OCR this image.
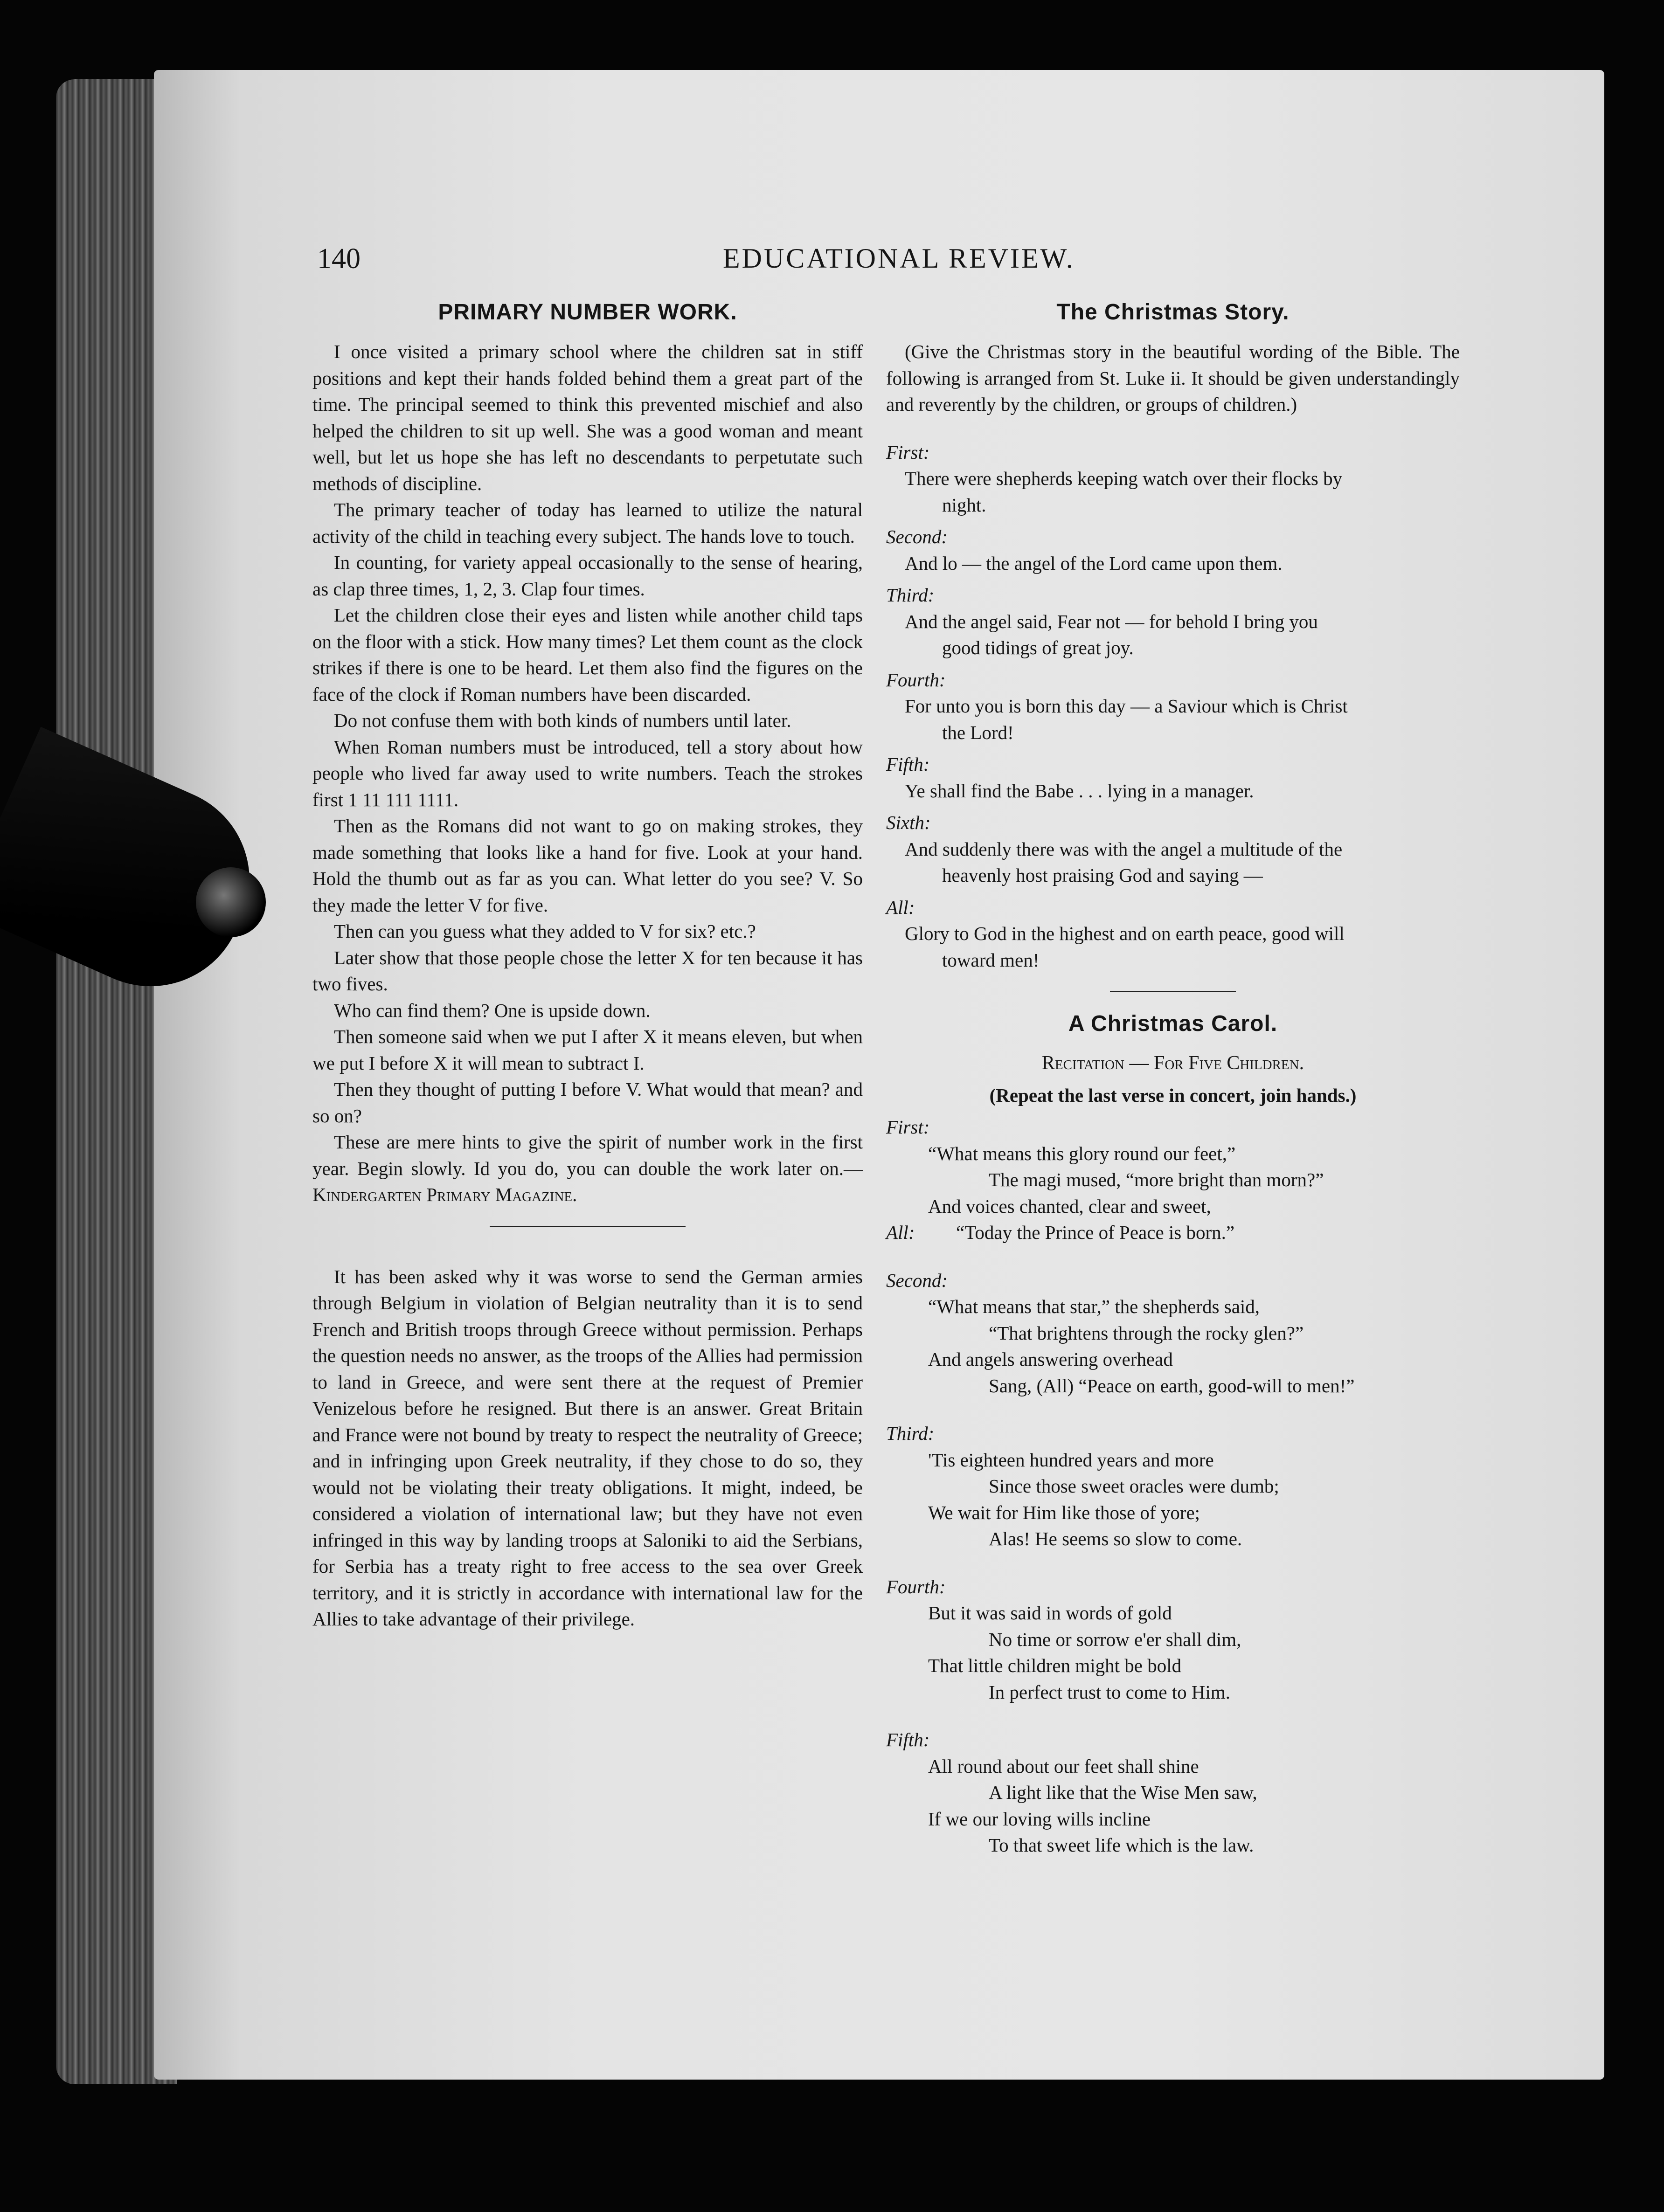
140	EDUCATIONAL REVIEW.
PRIMARY NUMBER WORK.

I once visited a primary school where the children sat in stiff positions and kept their hands folded behind them a great part of the time. The principal seemed to think this prevented mischief and also helped the children to sit up well. She was a good woman and meant well, but let us hope she has left no descendants to perpetutate such methods of discipline.

The primary teacher of today has learned to utilize the natural activity of the child in teaching every subject. The hands love to touch.

In counting, for variety appeal occasionally to the sense of hearing, as clap three times, 1, 2, 3. Clap four times.

Let the children close their eyes and listen while another child taps on the floor with a stick. How many times? Let them count as the clock strikes if there is one to be heard. Let them also find the figures on the face of the clock if Roman numbers have been discarded.

Do not confuse them with both kinds of numbers until later.

When Roman numbers must be introduced, tell a story about how people who lived far away used to write numbers. Teach the strokes first 1 11 111 1111.

Then as the Romans did not want to go on making strokes, they made something that looks like a hand for five. Look at your hand. Hold the thumb out as far as you can. What letter do you see? V. So they made the letter V for five.

Then can you guess what they added to V for six? etc.?

Later show that those people chose the letter X for ten because it has two fives.

Who can find them? One is upside down.

Then someone said when we put I after X it means eleven, but when we put I before X it will mean to subtract I.

Then they thought of putting I before V. What would that mean? and so on?

These are mere hints to give the spirit of number work in the first year. Begin slowly. Id you do, you can double the work later on.—Kindergarten Primary Magazine.

It has been asked why it was worse to send the German armies through Belgium in violation of Belgian neutrality than it is to send French and British troops through Greece without permission. Perhaps the question needs no answer, as the troops of the Allies had permission to land in Greece, and were sent there at the request of Premier Venizelous before he resigned. But there is an answer. Great Britain and France were not bound by treaty to respect the neutrality of Greece; and in infringing upon Greek neutrality, if they chose to do so, they would not be violating their treaty obligations. It might, indeed, be considered a violation of international law; but they have not even infringed in this way by landing troops at Saloniki to aid the Serbians, for Serbia has a treaty right to free access to the sea over Greek territory, and it is strictly in accordance with international law for the Allies to take advantage of their privilege.

The Christmas Story.

(Give the Christmas story in the beautiful wording of the Bible. The following is arranged from St. Luke ii. It should be given understandingly and reverently by the children, or groups of children.)

First:
There were shepherds keeping watch over their flocks by
night.
Second:
And lo — the angel of the Lord came upon them.
Third:
And the angel said, Fear not — for behold I bring you
good tidings of great joy.
Fourth:
For unto you is born this day — a Saviour which is Christ
the Lord!
Fifth:
Ye shall find the Babe . . . lying in a manager.
Sixth:
And suddenly there was with the angel a multitude of the
heavenly host praising God and saying —
All:
Glory to God in the highest and on earth peace, good will
toward men!
A Christmas Carol.
Recitation — For Five Children.
(Repeat the last verse in concert, join hands.)
First:
“What means this glory round our feet,”
The magi mused, “more bright than morn?”
And voices chanted, clear and sweet,
All: “Today the Prince of Peace is born.”
Second:
“What means that star,” the shepherds said,
“That brightens through the rocky glen?”
And angels answering overhead
Sang, (All) “Peace on earth, good-will to men!”
Third:
'Tis eighteen hundred years and more
Since those sweet oracles were dumb;
We wait for Him like those of yore;
Alas! He seems so slow to come.
Fourth:
But it was said in words of gold
No time or sorrow e'er shall dim,
That little children might be bold
In perfect trust to come to Him.
Fifth:
All round about our feet shall shine
A light like that the Wise Men saw,
If we our loving wills incline
To that sweet life which is the law.
